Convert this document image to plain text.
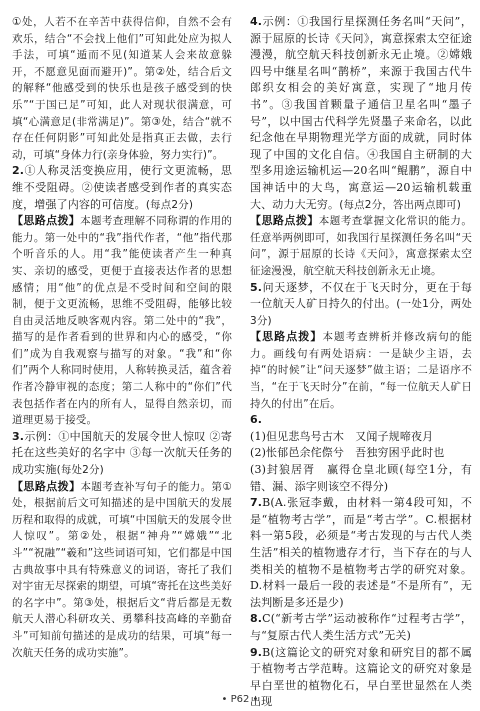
①处，人若不在辛苦中获得信仰，自然不会有欢乐，结合“不会找上他们”可知此处应为拟人手法，可填“遁而不见(知道某人会来故意躲开，不愿意见面而避开)”。第②处，结合后文的解释“他感受到的快乐也是孩子感受到的快乐”“于国已足”可知，此人对现状很满意，可填“心满意足(非常满足)”。第③处，结合“就不存在任何阴影”可知此处是指真正去做，去行动，可填“身体力行(亲身体验，努力实行)”。

2.①人称灵活变换应用，使行文更流畅，思维不受阻碍。②使读者感受到作者的真实态度，增强了内容的可信度。(每点2分)

【思路点拨】本题考查理解不同称谓的作用的能力。第一处中的“我”指代作者，“他”指代那个听音乐的人。用“我”能使读者产生一种真实、亲切的感受，更便于直接表达作者的思想感情；用“他”的优点是不受时间和空间的限制，便于文更流畅，思维不受阻碍，能够比较自由灵活地反映客观内容。第二处中的“我”，描写的是作者看到的世界和内心的感受，“你们”成为自我观察与描写的对象。“我”和“你们”两个人称同时使用，人称转换灵活，蕴含着作者冷静审视的态度；第二人称中的“你们”代表包括作者在内的所有人，显得自然亲切，而道理更易于接受。

3.示例：①中国航天的发展令世人惊叹 ②寄托在这些美好的名字中 ③每一次航天任务的成功实施(每处2分)

【思路点拨】本题考查补写句子的能力。第①处，根据前后文可知描述的是中国航天的发展历程和取得的成就，可填“中国航天的发展令世人惊叹”。第②处，根据“神舟”“嫦娥”“北斗”“祝融”“羲和”这些词语可知，它们都是中国古典故事中具有特殊意义的词语，寄托了我们对宇宙无尽探索的期望，可填“寄托在这些美好的名字中”。第③处，根据后文“背后都是无数航天人潜心科研攻关、勇攀科技高峰的辛勤奋斗”可知前句描述的是成功的结果，可填“每一次航天任务的成功实施”。

4.示例：①我国行星探测任务名叫“天问”，源于屈原的长诗《天问》，寓意探索太空征途漫漫，航空航天科技创新永无止境。②嫦娥四号中继星名叫“鹊桥”，来源于我国古代牛郎织女相会的美好寓意，实现了“地月传书”。③我国首颗量子通信卫星名叫“墨子号”，以中国古代科学先贤墨子来命名，以此纪念他在早期物理光学方面的成就，同时体现了中国的文化自信。④我国自主研制的大型多用途运输机运—20名叫“鲲鹏”，源自中国神话中的大鸟，寓意运—20运输机载重大、动力大无穷。(每点2分，答出两点即可)

【思路点拨】本题考查掌握文化常识的能力。任意举两例即可，如我国行星探测任务名叫“天问”，源于屈原的长诗《天问》，寓意探索太空征途漫漫，航空航天科技创新永无止境。

5.问天逐梦，不仅在于飞天时分，更在于每一位航天人矿日持久的付出。(一处1分，两处3分)

【思路点拨】本题考查辨析并修改病句的能力。画线句有两处语病：一是缺少主语，去掉“的时候”让“问天逐梦”做主语；二是语序不当，“在于飞天时分”在前，“每一位航天人矿日持久的付出”在后。

6.

(1)但见悲鸟号古木　又闻子规啼夜月

(2)怅郁邑余侘傺兮　吾独穷困乎此时也

(3)封狼居胥　赢得仓皇北顾(每空1分，有错、漏、添字则该空不得分)

7.B(A.张冠李戴，由材料一第4段可知，不是“植物考古学”，而是“考古学”。C.根据材料一第5段，必须是“考古发现的与古代人类生活”相关的植物遗存才行，当下存在的与人类相关的植物不是植物考古学的研究对象。D.材料一最后一段的表述是“不是所有”，无法判断是多还是少)

8.C(“新考古学”运动被称作“过程考古学”，与“复原古代人类生活方式”无关)

9.B(这篇论文的研究对象和研究目的都不属于植物考古学范畴。这篇论文的研究对象是早白垩世的植物化石，早白垩世显然在人类出现

• P62 •
